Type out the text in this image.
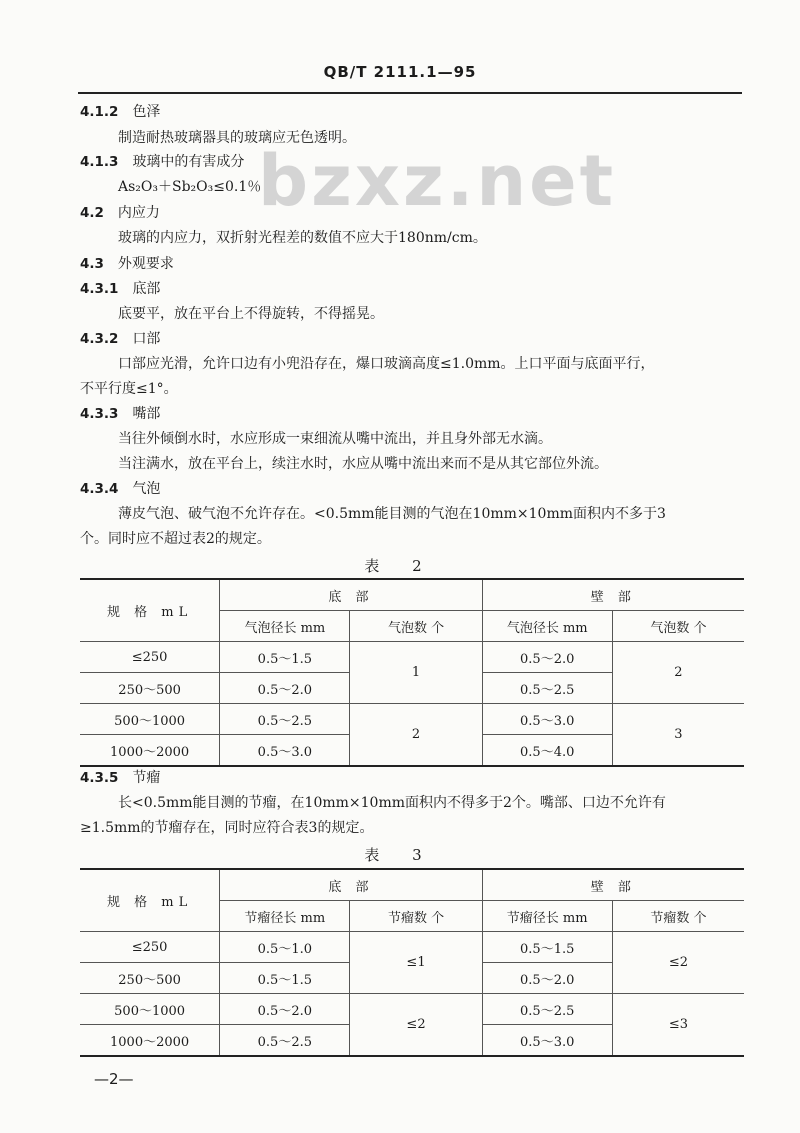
QB/T 2111.1—95
bzxz.net
4.1.2 色泽
制造耐热玻璃器具的玻璃应无色透明。
4.1.3 玻璃中的有害成分
As₂O₃＋Sb₂O₃≤0.1％
4.2 内应力
玻璃的内应力，双折射光程差的数值不应大于180nm/cm。
4.3 外观要求
4.3.1 底部
底要平，放在平台上不得旋转，不得摇晃。
4.3.2 口部
口部应光滑，允许口边有小兜沿存在，爆口玻滴高度≤1.0mm。上口平面与底面平行，
不平行度≤1°。
4.3.3 嘴部
当往外倾倒水时，水应形成一束细流从嘴中流出，并且身外部无水滴。
当注满水，放在平台上，续注水时，水应从嘴中流出来而不是从其它部位外流。
4.3.4 气泡
薄皮气泡、破气泡不允许存在。<0.5mm能目测的气泡在10mm×10mm面积内不多于3
个。同时应不超过表2的规定。
表 2
规 格 mL	底 部		壁 部	
	气泡径长 mm	气泡数 个	气泡径长 mm	气泡数 个
≤250	0.5～1.5	1	0.5～2.0	2
250～500	0.5～2.0		0.5～2.5	
500～1000	0.5～2.5	2	0.5～3.0	3
1000～2000	0.5～3.0		0.5～4.0	
4.3.5 节瘤
长<0.5mm能目测的节瘤，在10mm×10mm面积内不得多于2个。嘴部、口边不允许有
≥1.5mm的节瘤存在，同时应符合表3的规定。
表 3
规 格 mL	底 部		壁 部	
	节瘤径长 mm	节瘤数 个	节瘤径长 mm	节瘤数 个
≤250	0.5～1.0	≤1	0.5～1.5	≤2
250～500	0.5～1.5		0.5～2.0	
500～1000	0.5～2.0	≤2	0.5～2.5	≤3
1000～2000	0.5～2.5		0.5～3.0	
—2—
